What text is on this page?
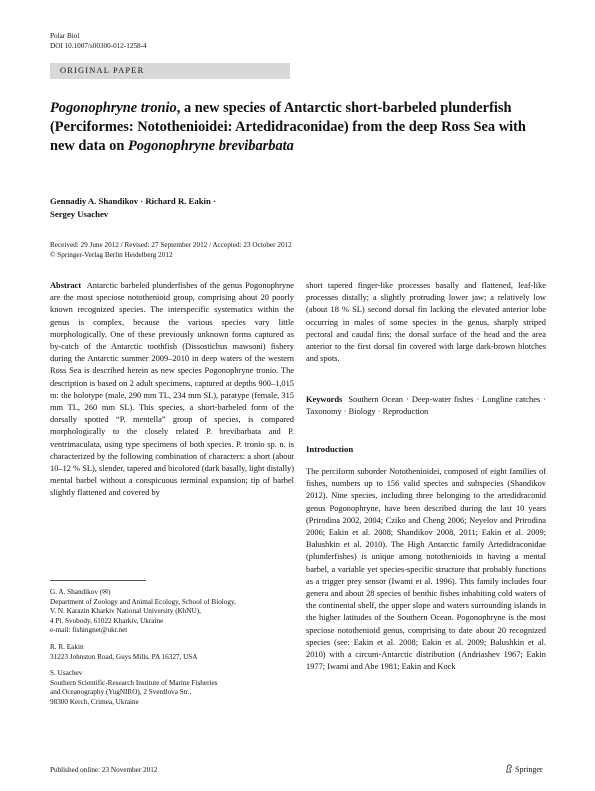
Polar Biol
DOI 10.1007/s00300-012-1258-4
ORIGINAL PAPER
Pogonophryne tronio, a new species of Antarctic short-barbeled plunderfish (Perciformes: Notothenioidei: Artedidraconidae) from the deep Ross Sea with new data on Pogonophryne brevibarbata
Gennadiy A. Shandikov · Richard R. Eakin ·
Sergey Usachev
Received: 29 June 2012 / Revised: 27 September 2012 / Accepted: 23 October 2012
© Springer-Verlag Berlin Heidelberg 2012
Abstract Antarctic barbeled plunderfishes of the genus Pogonophryne are the most speciose notothenioid group, comprising about 20 poorly known recognized species. The interspecific systematics within the genus is complex, because the various species vary little morphologically. One of these previously unknown forms captured as by-catch of the Antarctic toothfish (Dissostichus mawsoni) fishery during the Antarctic summer 2009–2010 in deep waters of the western Ross Sea is described herein as new species Pogonophryne tronio. The description is based on 2 adult specimens, captured at depths 900–1,015 m: the holotype (male, 290 mm TL, 234 mm SL), paratype (female, 315 mm TL, 260 mm SL). This species, a short-barbeled form of the dorsally spotted “P. mentella” group of species, is compared morphologically to the closely related P. brevibarbata and P. ventrimaculata, using type specimens of both species. P. tronio sp. n. is characterized by the following combination of characters: a short (about 10–12 % SL), slender, tapered and bicolored (dark basally, light distally) mental barbel without a conspicuous terminal expansion; tip of barbel slightly flattened and covered by
short tapered finger-like processes basally and flattened, leaf-like processes distally; a slightly protruding lower jaw; a relatively low (about 18 % SL) second dorsal fin lacking the elevated anterior lobe occurring in males of some species in the genus, sharply striped pectoral and caudal fins; the dorsal surface of the head and the area anterior to the first dorsal fin covered with large dark-brown blotches and spots.
Keywords Southern Ocean · Deep-water fishes · Longline catches · Taxonomy · Biology · Reproduction
Introduction
The perciform suborder Notothenioidei, composed of eight families of fishes, numbers up to 156 valid species and subspecies (Shandikov 2012). Nine species, including three belonging to the artedidraconid genus Pogonophryne, have been described during the last 10 years (Prirodina 2002, 2004; Cziko and Cheng 2006; Neyelov and Prirodina 2006; Eakin et al. 2008; Shandikov 2008, 2011; Eakin et al. 2009; Balushkin et al. 2010). The High Antarctic family Artedidraconidae (plunderfishes) is unique among notothenioids in having a mental barbel, a variable yet species-specific structure that probably functions as a trigger prey sensor (Iwami et al. 1996). This family includes four genera and about 28 species of benthic fishes inhabiting cold waters of the continental shelf, the upper slope and waters surrounding islands in the higher latitudes of the Southern Ocean. Pogonophryne is the most speciose notothenioid genus, comprising to date about 20 recognized species (see: Eakin et al. 2008; Eakin et al. 2009; Balushkin et al. 2010) with a circum-Antarctic distribution (Andriashev 1967; Eakin 1977; Iwami and Abe 1981; Eakin and Kock

G. A. Shandikov (✉)
Department of Zoology and Animal Ecology, School of Biology,
V. N. Karazin Kharkiv National University (KhNU),
4 Pl. Svobody, 61022 Kharkiv, Ukraine
e-mail: fishingnet@ukr.net

R. R. Eakin
31223 Johnston Road, Guys Mills, PA 16327, USA

S. Usachev
Southern Scientific-Research Institute of Marine Fisheries
and Oceanography (YugNIRO), 2 Sverdlova Str.,
98300 Kerch, Crimea, Ukraine

Published online: 23 November 2012	Springer
